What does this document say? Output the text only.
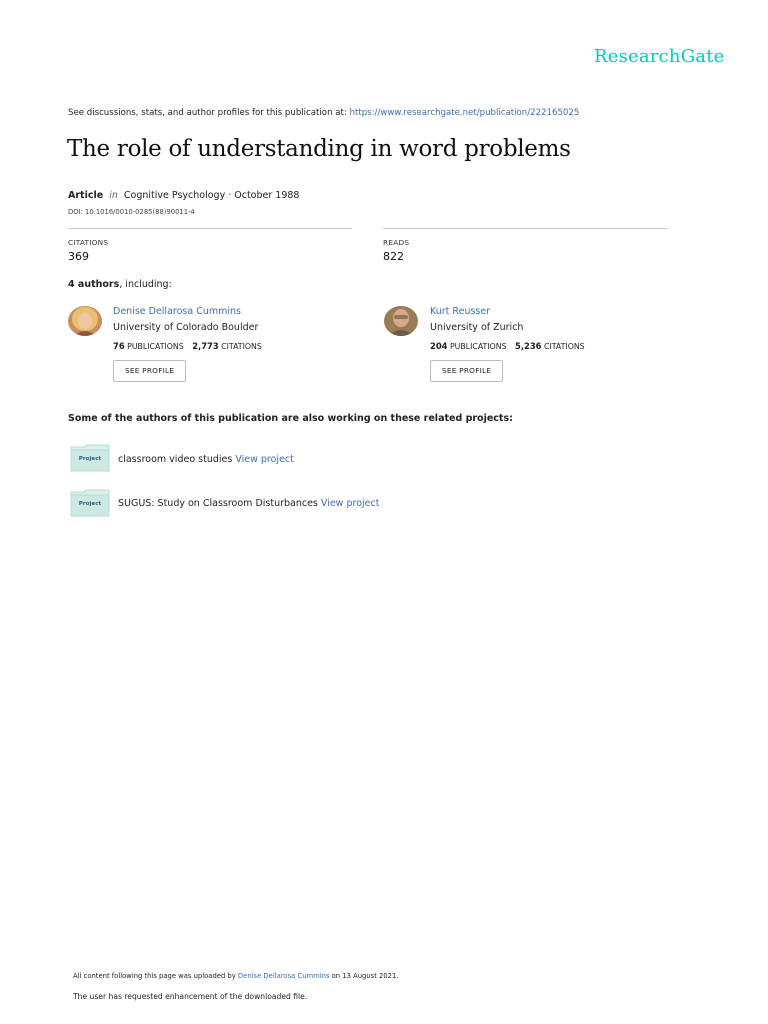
ResearchGate
See discussions, stats, and author profiles for this publication at: https://www.researchgate.net/publication/222165025
The role of understanding in word problems
Article in Cognitive Psychology · October 1988
DOI: 10.1016/0010-0285(88)90011-4
CITATIONS
369
READS
822
4 authors, including:
Denise Dellarosa Cummins
University of Colorado Boulder
76 PUBLICATIONS 2,773 CITATIONS
SEE PROFILE
Kurt Reusser
University of Zurich
204 PUBLICATIONS 5,236 CITATIONS
SEE PROFILE
Some of the authors of this publication are also working on these related projects:
Project	classroom video studies View project
Project	SUGUS: Study on Classroom Disturbances View project
All content following this page was uploaded by Denise Dellarosa Cummins on 13 August 2021.
The user has requested enhancement of the downloaded file.
